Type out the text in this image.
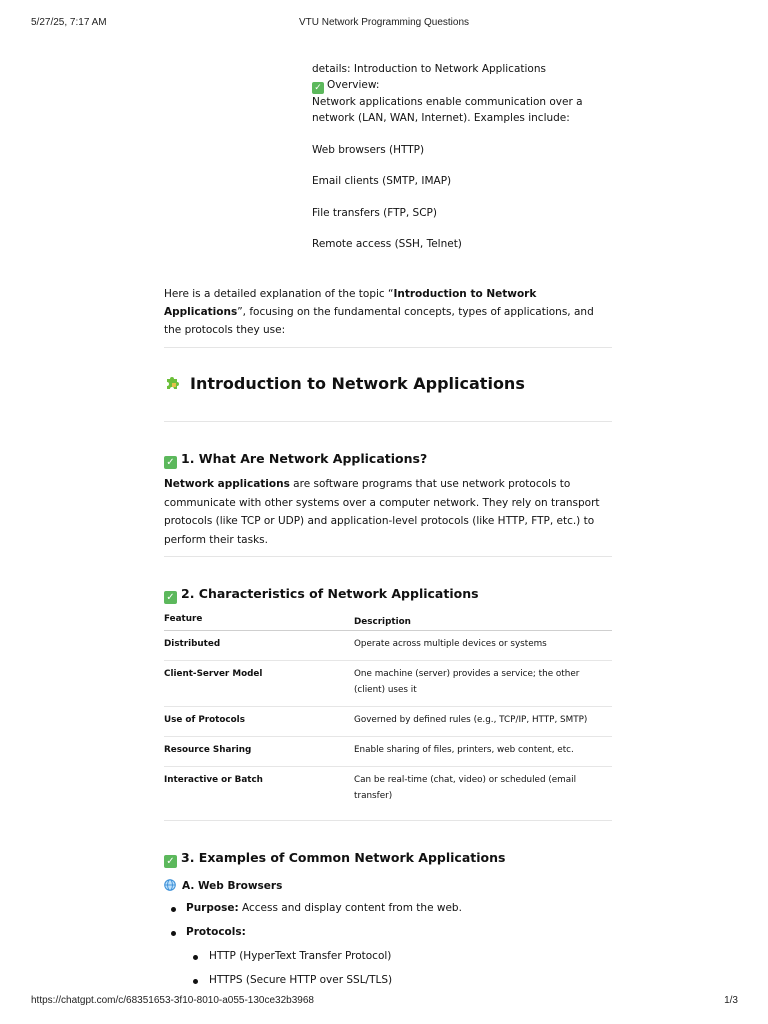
5/27/25, 7:17 AM	VTU Network Programming Questions

details: Introduction to Network Applications

✓ Overview:

Network applications enable communication over a network (LAN, WAN, Internet). Examples include:

Web browsers (HTTP)

Email clients (SMTP, IMAP)

File transfers (FTP, SCP)

Remote access (SSH, Telnet)

Here is a detailed explanation of the topic “Introduction to Network Applications”, focusing on the fundamental concepts, types of applications, and the protocols they use:
Introduction to Network Applications
✓ 1. What Are Network Applications?
Network applications are software programs that use network protocols to communicate with other systems over a computer network. They rely on transport protocols (like TCP or UDP) and application-level protocols (like HTTP, FTP, etc.) to perform their tasks.
✓ 2. Characteristics of Network Applications
Feature	Description
Distributed	Operate across multiple devices or systems
Client-Server Model	One machine (server) provides a service; the other (client) uses it
Use of Protocols	Governed by defined rules (e.g., TCP/IP, HTTP, SMTP)
Resource Sharing	Enable sharing of files, printers, web content, etc.
Interactive or Batch	Can be real-time (chat, video) or scheduled (email transfer)
✓ 3. Examples of Common Network Applications
A. Web Browsers
Purpose: Access and display content from the web.
Protocols:
HTTP (HyperText Transfer Protocol)
HTTPS (Secure HTTP over SSL/TLS)
https://chatgpt.com/c/68351653-3f10-8010-a055-130ce32b3968	1/3
